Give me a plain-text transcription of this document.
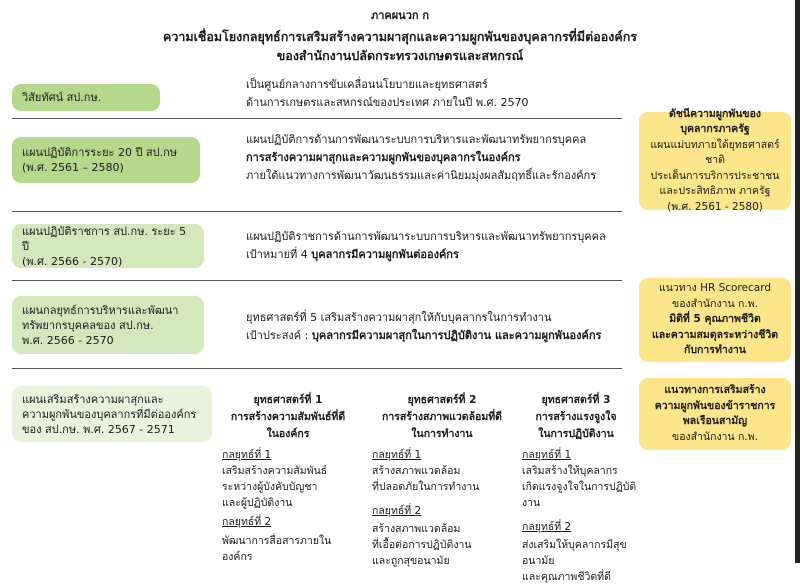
ภาคผนวก ก
ความเชื่อมโยงกลยุทธ์การเสริมสร้างความผาสุกและความผูกพันของบุคลากรที่มีต่อองค์กร
ของสำนักงานปลัดกระทรวงเกษตรและสหกรณ์
วิสัยทัศน์ สป.กษ.
เป็นศูนย์กลางการขับเคลื่อนนโยบายและยุทธศาสตร์
ด้านการเกษตรและสหกรณ์ของประเทศ ภายในปี พ.ศ. 2570
แผนปฏิบัติการระยะ 20 ปี สป.กษ
(พ.ศ. 2561 – 2580)
แผนปฏิบัติการด้านการพัฒนาระบบการบริหารและพัฒนาทรัพยากรบุคคล
การสร้างความผาสุกและความผูกพันของบุคลากรในองค์กร
ภายใต้แนวทางการพัฒนาวัฒนธรรมและค่านิยมมุ่งผลสัมฤทธิ์และรักองค์กร
แผนปฏิบัติราชการ สป.กษ. ระยะ 5 ปี
(พ.ศ. 2566 - 2570)
แผนปฏิบัติราชการด้านการพัฒนาระบบการบริหารและพัฒนาทรัพยากรบุคคล
เป้าหมายที่ 4 บุคลากรมีความผูกพันต่อองค์กร
แผนกลยุทธ์การบริหารและพัฒนา
ทรัพยากรบุคคลของ สป.กษ.
พ.ศ. 2566 - 2570
ยุทธศาสตร์ที่ 5 เสริมสร้างความผาสุกให้กับบุคลากรในการทำงาน
เป้าประสงค์ : บุคลากรมีความผาสุกในการปฏิบัติงาน และความผูกพันองค์กร
แผนเสริมสร้างความผาสุกและ
ความผูกพันของบุคลากรที่มีต่อองค์กร
ของ สป.กษ. พ.ศ. 2567 - 2571
ยุทธศาสตร์ที่ 1
การสร้างความสัมพันธ์ที่ดี
ในองค์กร
กลยุทธ์ที่ 1
เสริมสร้างความสัมพันธ์
ระหว่างผู้บังคับบัญชา
และผู้ปฏิบัติงาน
กลยุทธ์ที่ 2
พัฒนาการสื่อสารภายในองค์กร
ยุทธศาสตร์ที่ 2
การสร้างสภาพแวดล้อมที่ดี
ในการทำงาน
กลยุทธ์ที่ 1
สร้างสภาพแวดล้อม
ที่ปลอดภัยในการทำงาน
กลยุทธ์ที่ 2
สร้างสภาพแวดล้อม
ที่เอื้อต่อการปฏิบัติงาน
และถูกสุขอนามัย
ยุทธศาสตร์ที่ 3
การสร้างแรงจูงใจ
ในการปฏิบัติงาน
กลยุทธ์ที่ 1
เสริมสร้างให้บุคลากร
เกิดแรงจูงใจในการปฏิบัติงาน
กลยุทธ์ที่ 2
ส่งเสริมให้บุคลากรมีสุขอนามัย
และคุณภาพชีวิตที่ดี
ดัชนีความผูกพันของ
บุคลากรภาครัฐ
แผนแม่บทภายใต้ยุทธศาสตร์ชาติ
ประเด็นการบริการประชาชน
และประสิทธิภาพ ภาครัฐ
(พ.ศ. 2561 - 2580)
แนวทาง HR Scorecard
ของสำนักงาน ก.พ.
มิติที่ 5 คุณภาพชีวิต
และความสมดุลระหว่างชีวิต
กับการทำงาน
แนวทางการเสริมสร้าง
ความผูกพันของข้าราชการ
พลเรือนสามัญ
ของสำนักงาน ก.พ.
